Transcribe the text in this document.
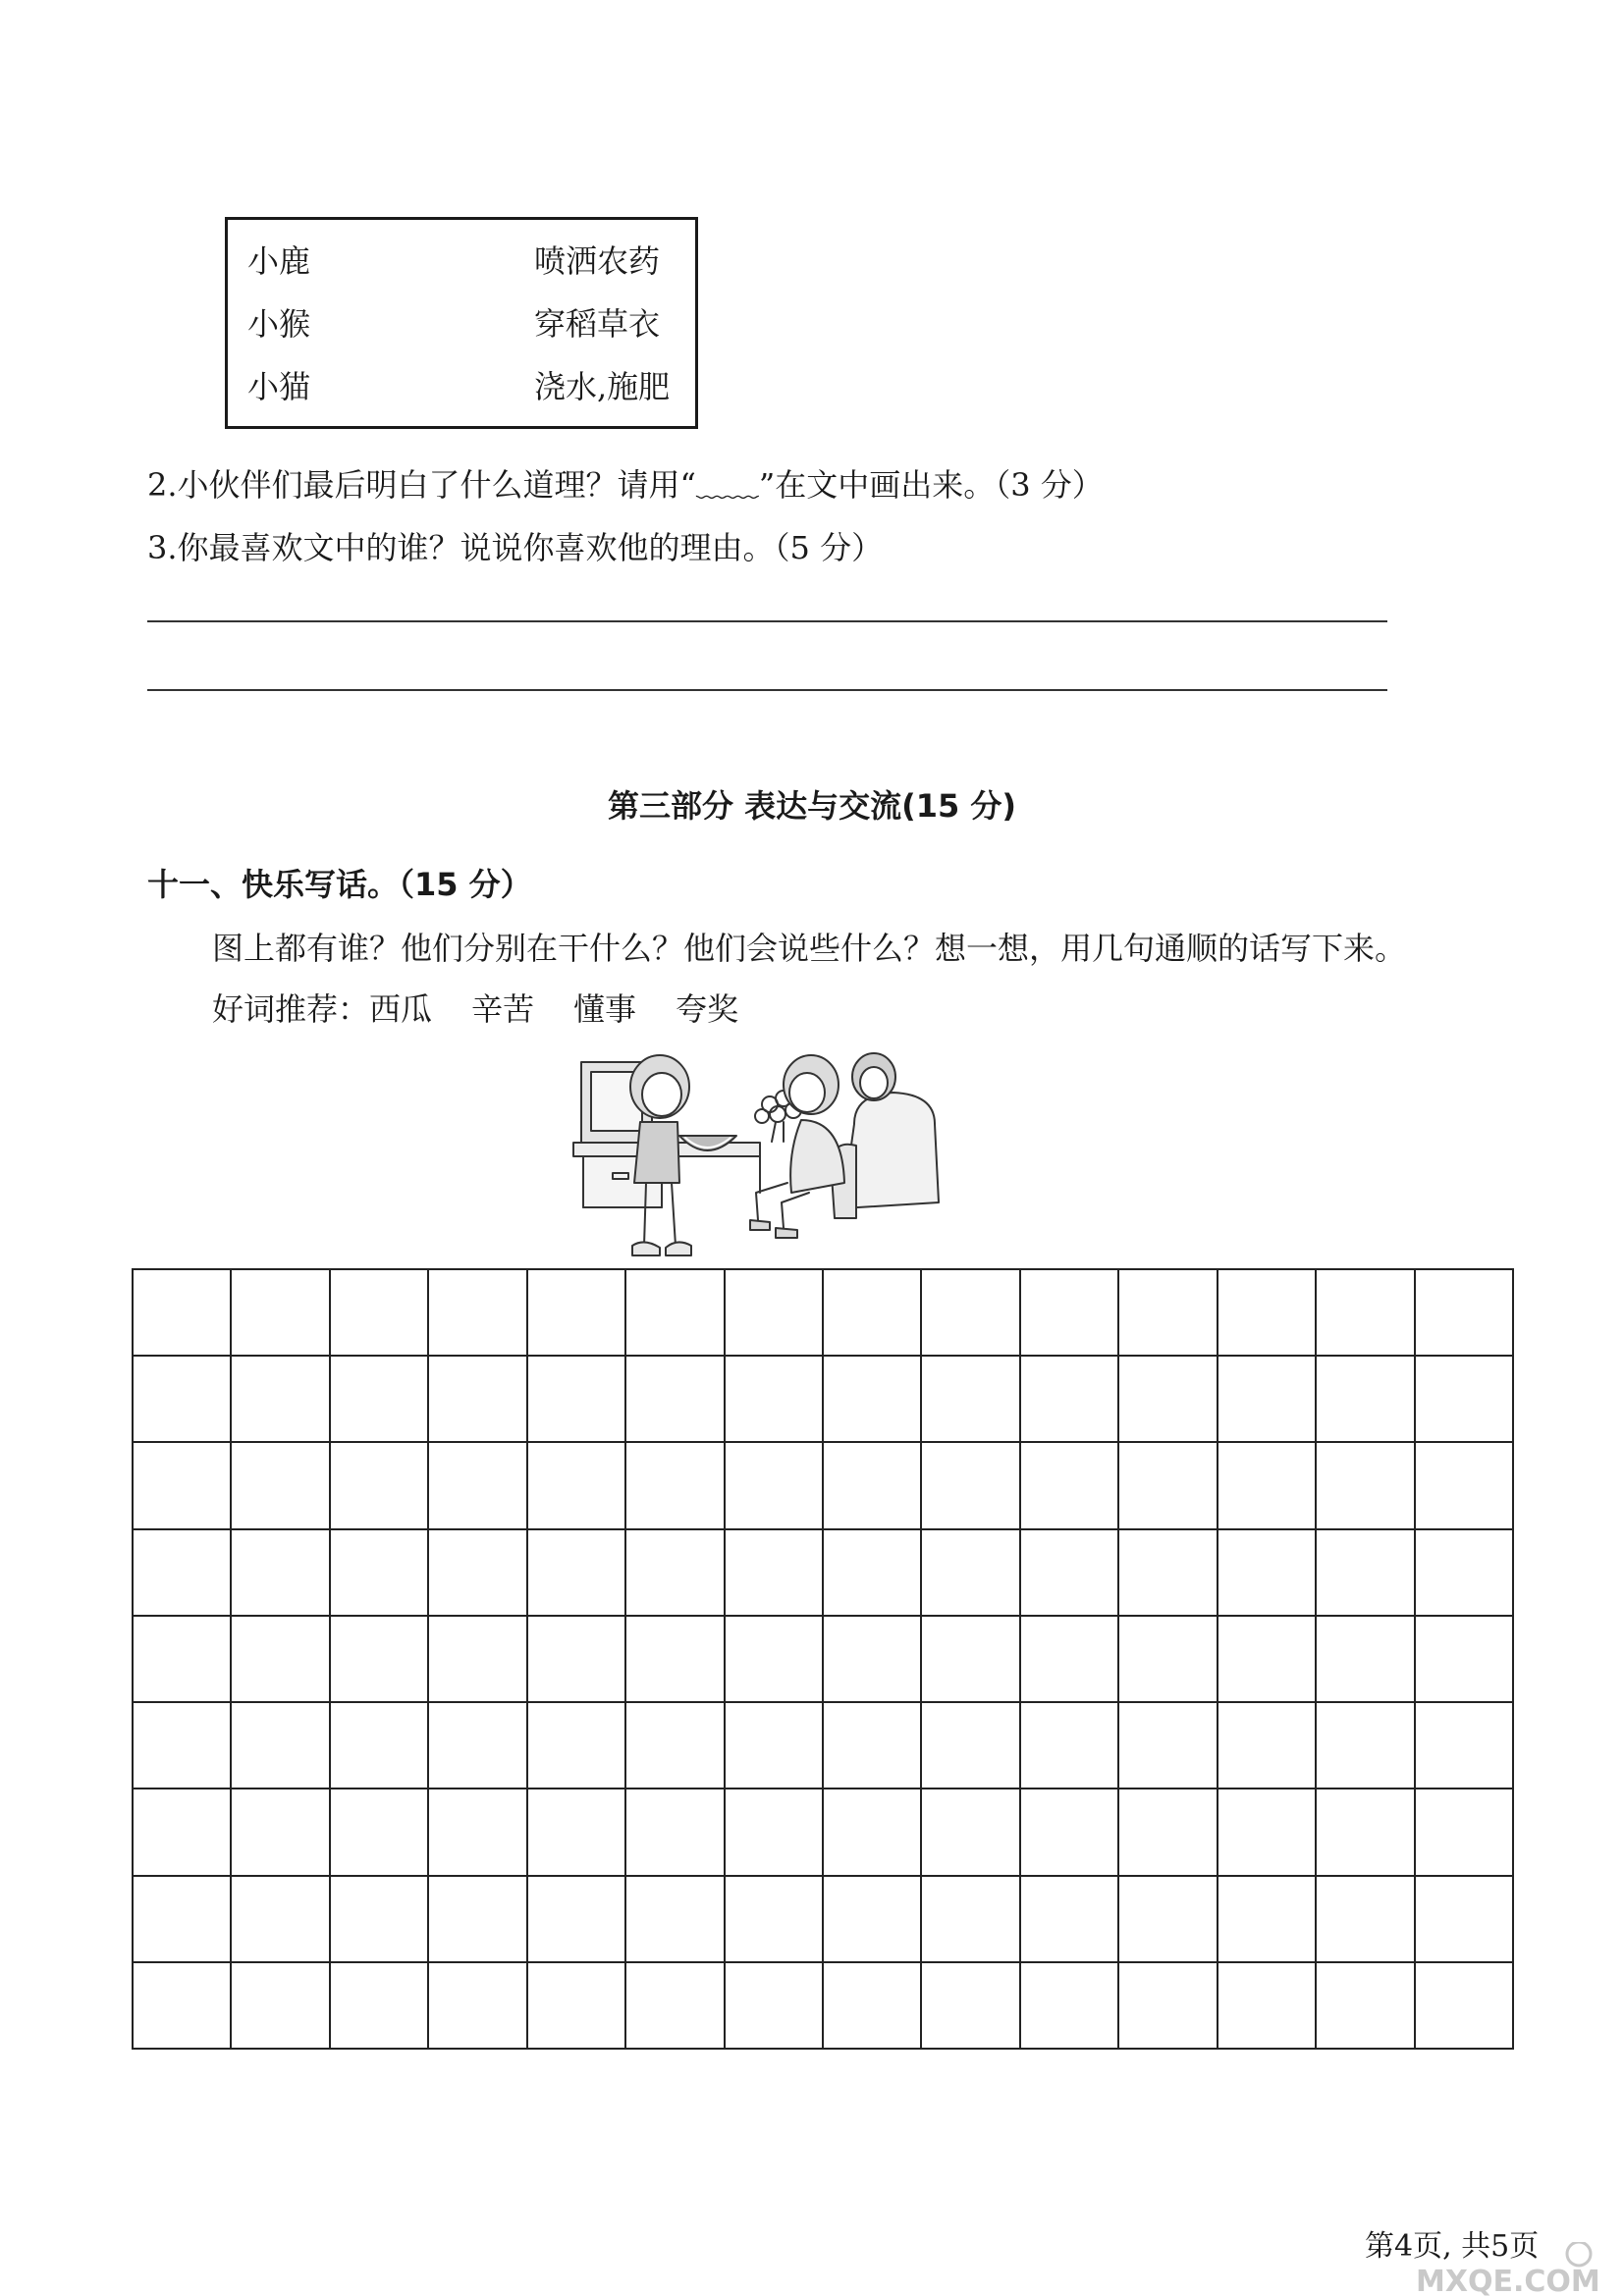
小鹿	喷洒农药
小猴	穿稻草衣
小猫	浇水,施肥
2.小伙伴们最后明白了什么道理？请用“﹏﹏”在文中画出来。（3 分）
3.你最喜欢文中的谁？说说你喜欢他的理由。（5 分）
第三部分 表达与交流(15 分)
十一、快乐写话。（15 分）
图上都有谁？他们分别在干什么？他们会说些什么？想一想，用几句通顺的话写下来。
好词推荐：西瓜 辛苦 懂事 夸奖
第4页, 共5页
MXQE.COM
